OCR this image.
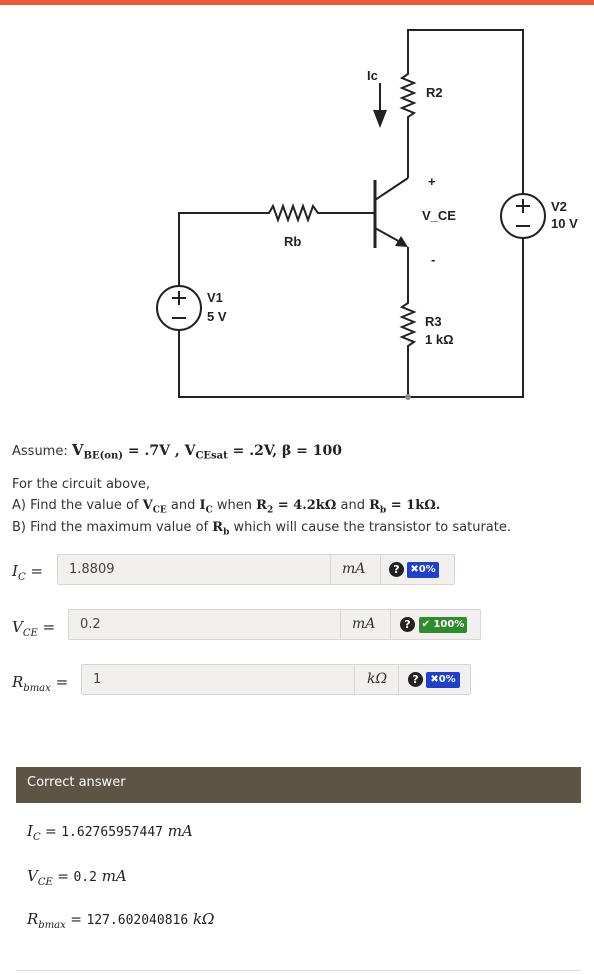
Ic
R2
+
V_CE
-
Rb
V1
5 V	R3
1 kΩ
V2
10 V
Assume: $V_{BE(on)} = .7V$ , $V_{CEsat} = .2V$, β = 100
For the circuit above,
A) Find the value of $V_{CE}$ and $I_C$ when $R_2 = 4.2k\Omega$ and $R_b = 1k\Omega$.
B) Find the maximum value of $R_b$ which will cause the transistor to saturate.
$I_C = 1.8809$	mA	?	✖0%
$V_{CE} = 0.2$	mA	?	✔ 100%
$R_{bmax} = 1$	kΩ	?	✖0%
Correct answer
$I_C = 1.62765957447$ mA
$V_{CE} = 0.2$ mA
$R_{bmax} = 127.602040816$ kΩ
